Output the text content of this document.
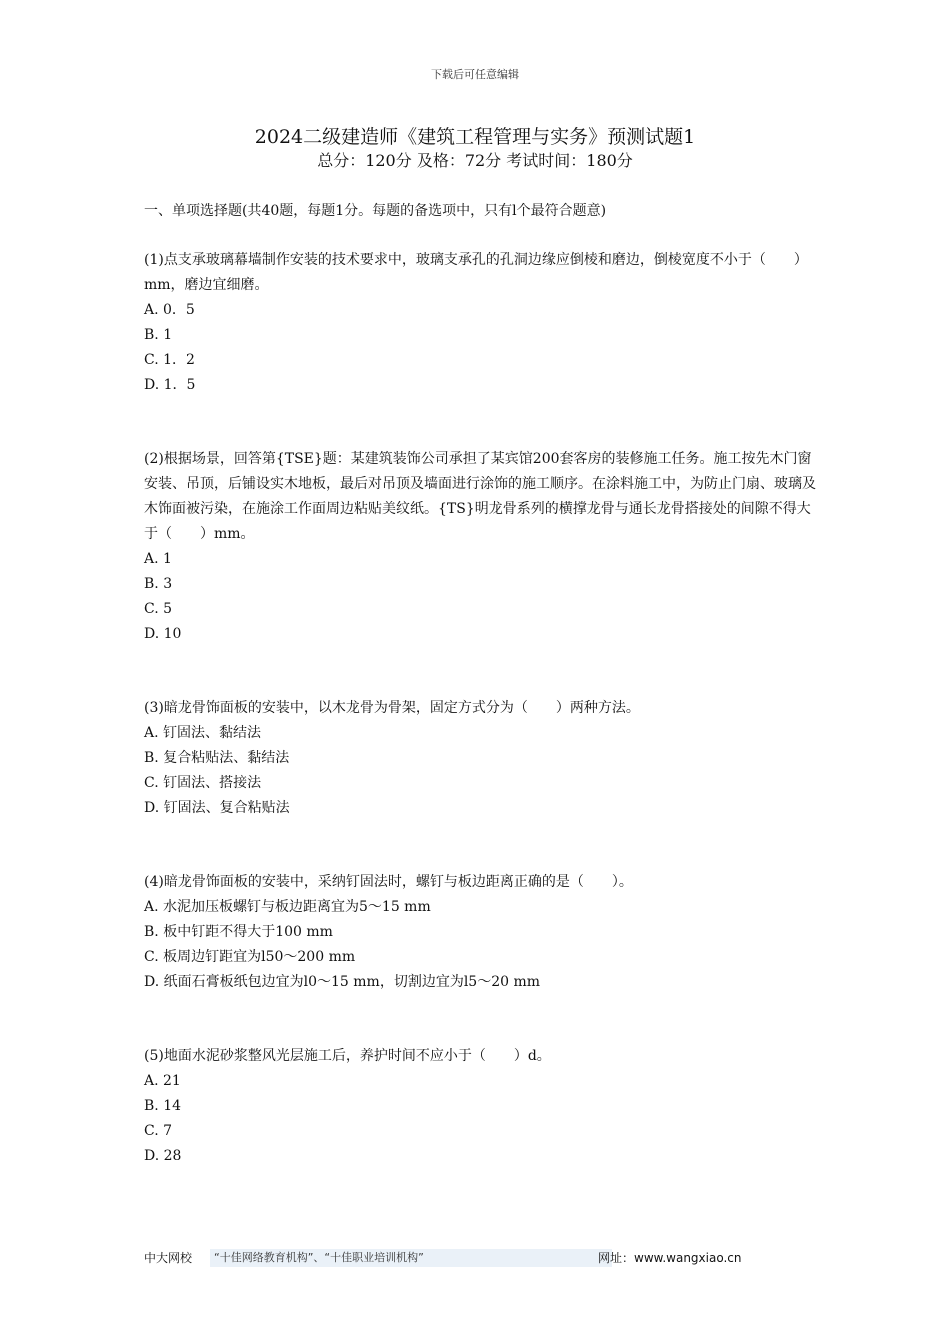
下载后可任意编辑
2024二级建造师《建筑工程管理与实务》预测试题1
总分：120分 及格：72分 考试时间：180分
一、单项选择题(共40题，每题1分。每题的备选项中，只有l个最符合题意)

(1)点支承玻璃幕墙制作安装的技术要求中，玻璃支承孔的孔洞边缘应倒棱和磨边，倒棱宽度不小于（　　）mm，磨边宜细磨。

A. 0．5

B. 1

C. 1．2

D. 1．5

(2)根据场景，回答第{TSE}题：某建筑装饰公司承担了某宾馆200套客房的装修施工任务。施工按先木门窗安装、吊顶，后铺设实木地板，最后对吊顶及墙面进行涂饰的施工顺序。在涂料施工中，为防止门扇、玻璃及木饰面被污染，在施涂工作面周边粘贴美纹纸。{TS}明龙骨系列的横撑龙骨与通长龙骨搭接处的间隙不得大于（　　）mm。

A. 1

B. 3

C. 5

D. 10

(3)暗龙骨饰面板的安装中，以木龙骨为骨架，固定方式分为（　　）两种方法。

A. 钉固法、黏结法

B. 复合粘贴法、黏结法

C. 钉固法、搭接法

D. 钉固法、复合粘贴法

(4)暗龙骨饰面板的安装中，采纳钉固法时，螺钉与板边距离正确的是（　　）。

A. 水泥加压板螺钉与板边距离宜为5～15 mm

B. 板中钉距不得大于100 mm

C. 板周边钉距宜为l50～200 mm

D. 纸面石膏板纸包边宜为l0～15 mm，切割边宜为l5～20 mm

(5)地面水泥砂浆整风光层施工后，养护时间不应小于（　　）d。

A. 21

B. 14

C. 7

D. 28

中大网校	“十佳网络教育机构”、“十佳职业培训机构”	网址：www.wangxiao.cn
